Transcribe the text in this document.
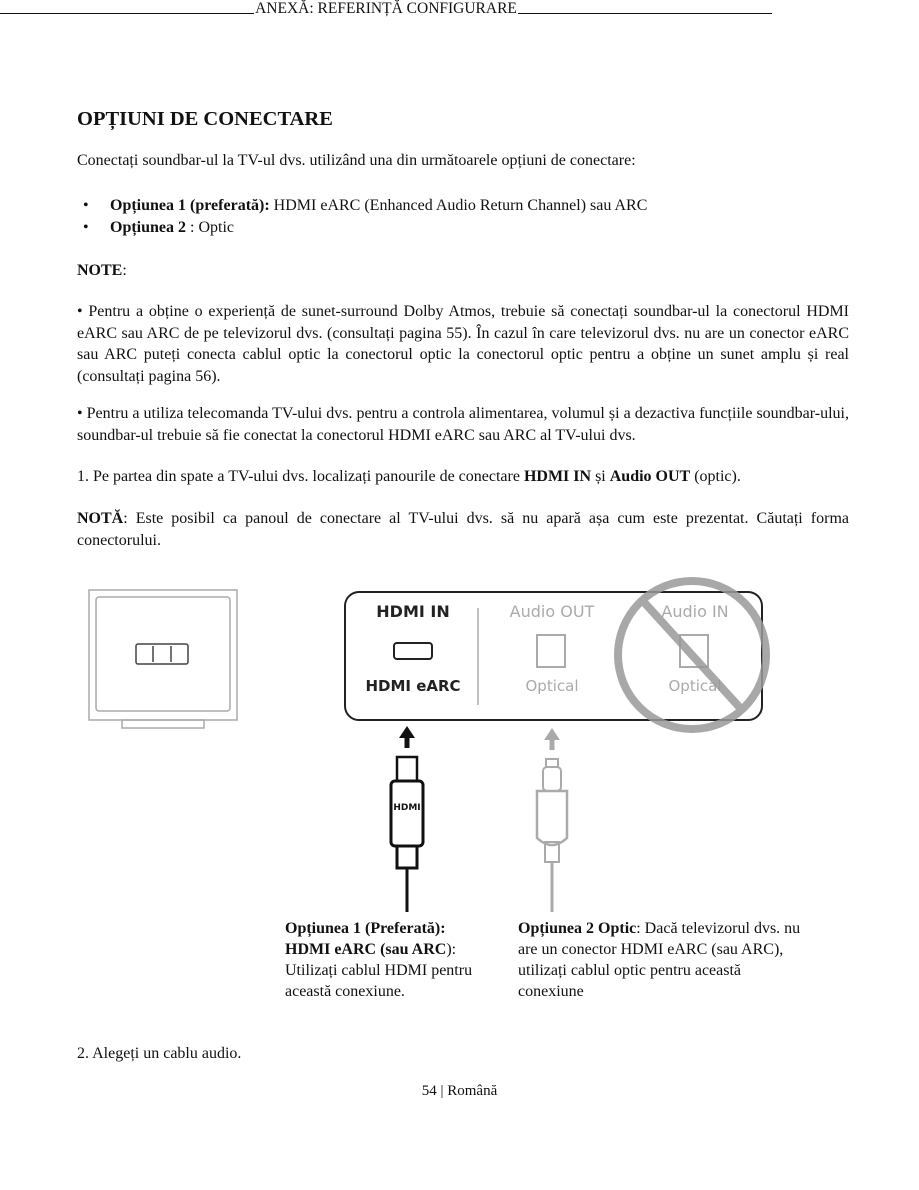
ANEXĂ: REFERINȚĂ CONFIGURARE
OPȚIUNI DE CONECTARE
Conectați soundbar-ul la TV-ul dvs. utilizând una din următoarele opțiuni de conectare:
• Opțiunea 1 (preferată): HDMI eARC (Enhanced Audio Return Channel) sau ARC
• Opțiunea 2 : Optic
NOTE:
• Pentru a obține o experiență de sunet-surround Dolby Atmos, trebuie să conectați soundbar-ul la conectorul HDMI eARC sau ARC de pe televizorul dvs. (consultați pagina 55). În cazul în care televizorul dvs. nu are un conector eARC sau ARC puteți conecta cablul optic la conectorul optic la conectorul optic pentru a obține un sunet amplu și real (consultați pagina 56).
• Pentru a utiliza telecomanda TV-ului dvs. pentru a controla alimentarea, volumul și a dezactiva funcțiile soundbar-ului, soundbar-ul trebuie să fie conectat la conectorul HDMI eARC sau ARC al TV-ului dvs.
1. Pe partea din spate a TV-ului dvs. localizați panourile de conectare HDMI IN și Audio OUT (optic).
NOTĂ: Este posibil ca panoul de conectare al TV-ului dvs. să nu apară așa cum este prezentat. Căutați forma conectorului.
HDMI IN
HDMI eARC
Audio OUT
Optical
Audio IN
Optical
HDMI
Opțiunea 1 (Preferată):
HDMI eARC (sau ARC):
Utilizați cablul HDMI pentru această conexiune.
Opțiunea 2 Optic: Dacă televizorul dvs. nu are un conector HDMI eARC (sau ARC), utilizați cablul optic pentru această conexiune
2. Alegeți un cablu audio.
54 | Română
